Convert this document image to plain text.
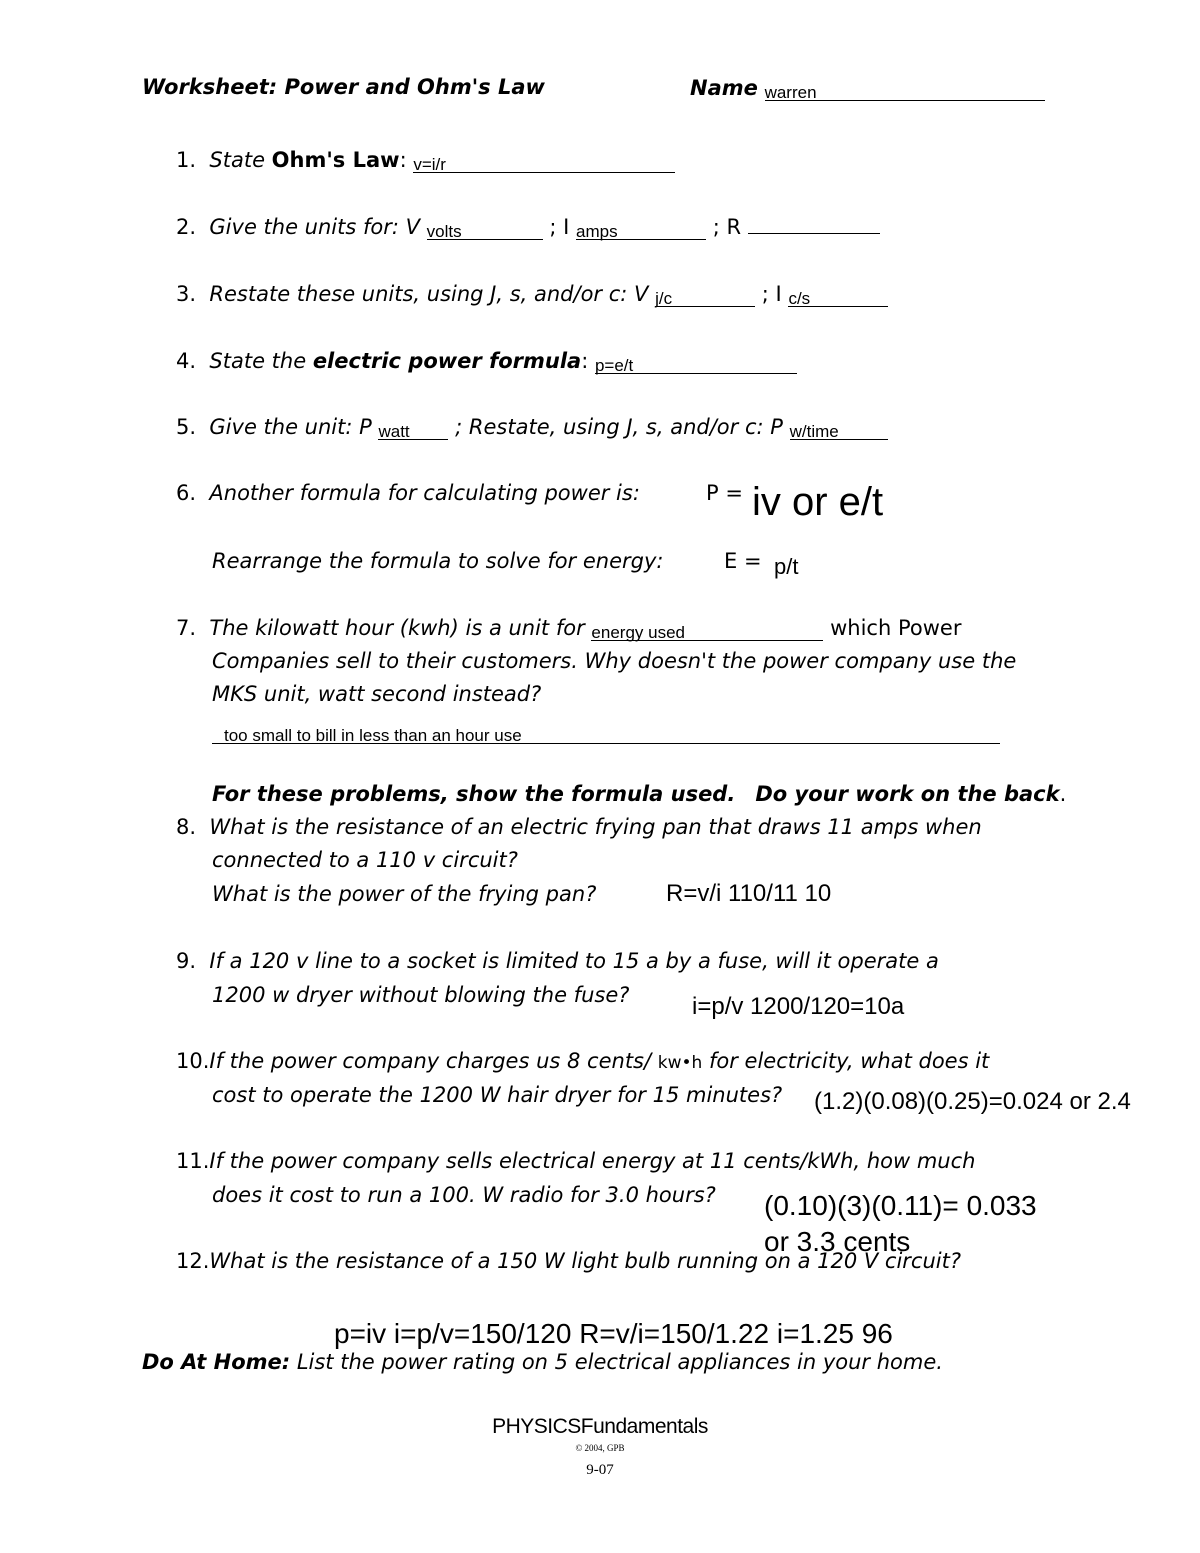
Worksheet: Power and Ohm's Law	Name warren
1. State Ohm's Law: v=i/r
2. Give the units for: V volts	; I amps	; R
3. Restate these units, using J, s, and/or c: V j/c	; I c/s
4. State the electric power formula: p=e/t
5. Give the unit: P watt ; Restate, using J, s, and/or c: P w/time
6. Another formula for calculating power is:	P = iv or e/t
Rearrange the formula to solve for energy:	E = p/t
7. The kilowatt hour (kwh) is a unit for energy used	which Power
Companies sell to their customers. Why doesn't the power company use the
MKS unit, watt second instead?
too small to bill in less than an hour use
For these problems, show the formula used. Do your work on the back.
8. What is the resistance of an electric frying pan that draws 11 amps when
connected to a 110 v circuit?
What is the power of the frying pan?	R=v/i 110/11 10
9. If a 120 v line to a socket is limited to 15 a by a fuse, will it operate a
1200 w dryer without blowing the fuse?	i=p/v 1200/120=10a
10.If the power company charges us 8 cents/ kw•h for electricity, what does it
cost to operate the 1200 W hair dryer for 15 minutes? (1.2)(0.08)(0.25)=0.024 or 2.4
11.If the power company sells electrical energy at 11 cents/kWh, how much
does it cost to run a 100. W radio for 3.0 hours? (0.10)(3)(0.11)= 0.033
or 3.3 cents
12.What is the resistance of a 150 W light bulb running on a 120 V circuit?
p=iv i=p/v=150/120 R=v/i=150/1.22 i=1.25 96
Do At Home: List the power rating on 5 electrical appliances in your home.
PHYSICSFundamentals
© 2004, GPB
9-07
